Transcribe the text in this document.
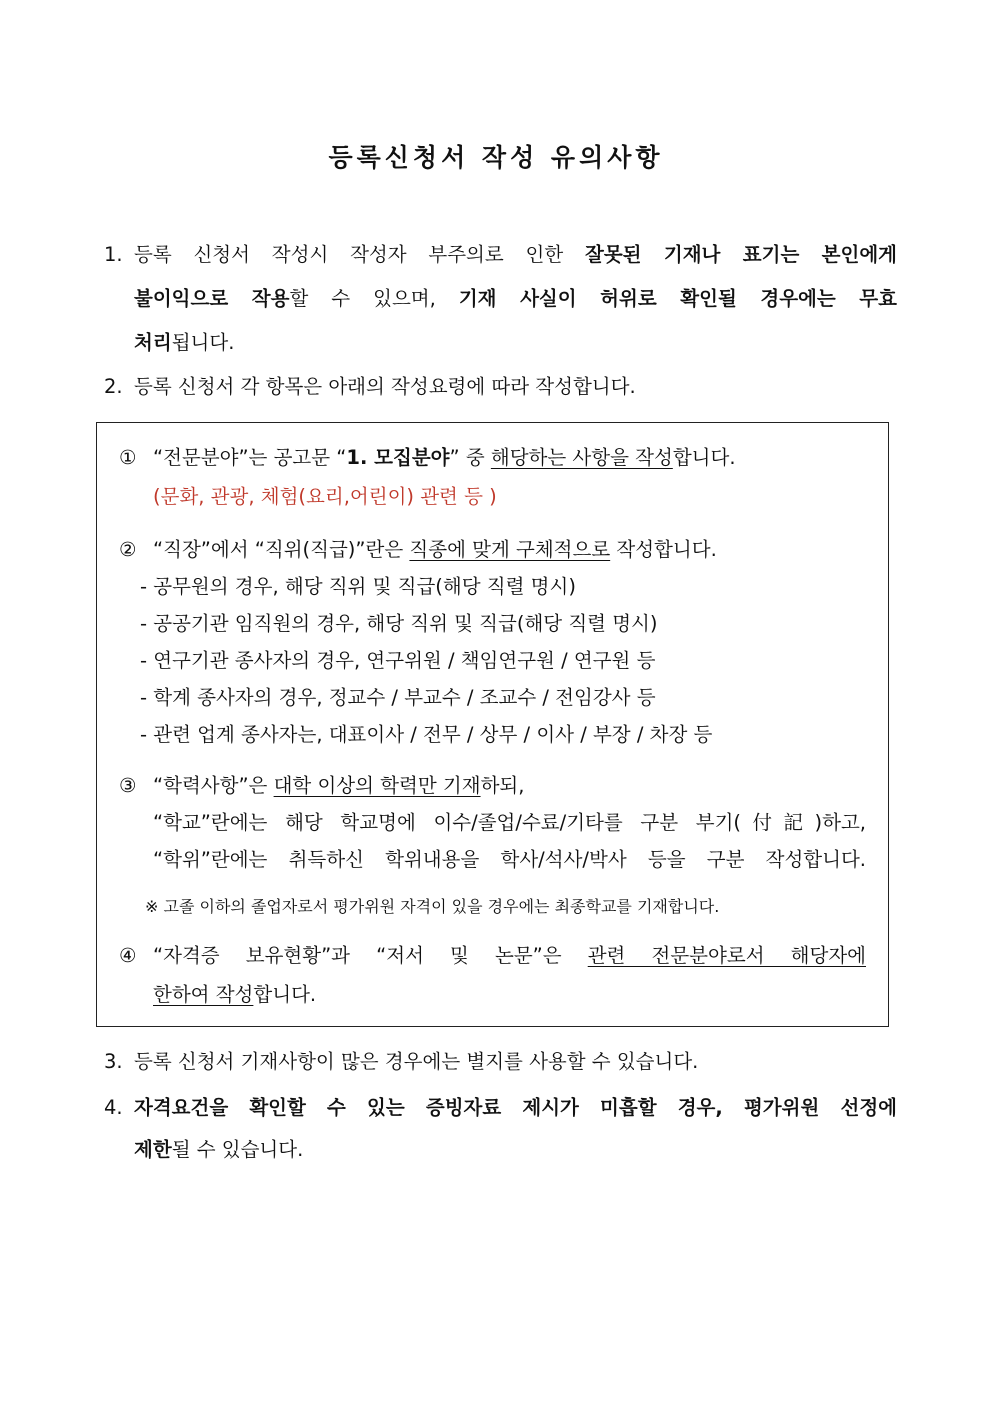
등록신청서 작성 유의사항
1. 등록 신청서 작성시 작성자 부주의로 인한 잘못된 기재나 표기는 본인에게
불이익으로 작용할 수 있으며, 기재 사실이 허위로 확인될 경우에는 무효
처리됩니다.
2. 등록 신청서 각 항목은 아래의 작성요령에 따라 작성합니다.
① “전문분야”는 공고문 “1. 모집분야” 중 해당하는 사항을 작성합니다.
(문화, 관광, 체험(요리,어린이) 관련 등 )
② “직장”에서 “직위(직급)”란은 직종에 맞게 구체적으로 작성합니다.
- 공무원의 경우, 해당 직위 및 직급(해당 직렬 명시)
- 공공기관 임직원의 경우, 해당 직위 및 직급(해당 직렬 명시)
- 연구기관 종사자의 경우, 연구위원 / 책임연구원 / 연구원 등
- 학계 종사자의 경우, 정교수 / 부교수 / 조교수 / 전임강사 등
- 관련 업계 종사자는, 대표이사 / 전무 / 상무 / 이사 / 부장 / 차장 등
③ “학력사항”은 대학 이상의 학력만 기재하되,
“학교”란에는 해당 학교명에 이수/졸업/수료/기타를 구분 부기(付記)하고,
“학위”란에는 취득하신 학위내용을 학사/석사/박사 등을 구분 작성합니다.
※ 고졸 이하의 졸업자로서 평가위원 자격이 있을 경우에는 최종학교를 기재합니다.
④ “자격증 보유현황”과 “저서 및 논문”은 관련 전문분야로서 해당자에
한하여 작성합니다.
3. 등록 신청서 기재사항이 많은 경우에는 별지를 사용할 수 있습니다.
4. 자격요건을 확인할 수 있는 증빙자료 제시가 미흡할 경우, 평가위원 선정에
제한될 수 있습니다.
